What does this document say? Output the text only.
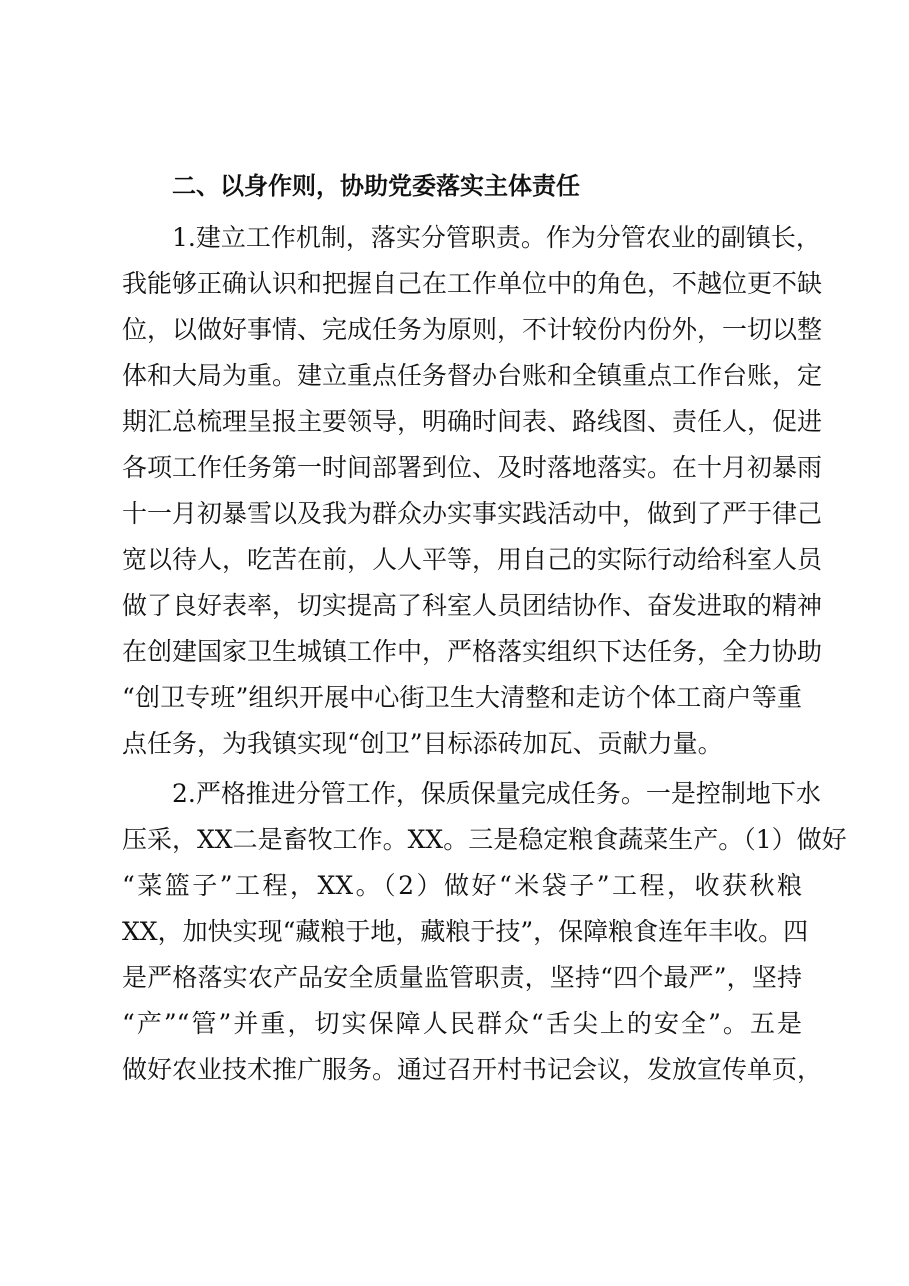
二、以身作则，协助党委落实主体责任
1.建立工作机制，落实分管职责。作为分管农业的副镇长，
我能够正确认识和把握自己在工作单位中的角色，不越位更不缺
位，以做好事情、完成任务为原则，不计较份内份外，一切以整
体和大局为重。建立重点任务督办台账和全镇重点工作台账，定
期汇总梳理呈报主要领导，明确时间表、路线图、责任人，促进
各项工作任务第一时间部署到位、及时落地落实。在十月初暴雨
十一月初暴雪以及我为群众办实事实践活动中，做到了严于律己
宽以待人，吃苦在前，人人平等，用自己的实际行动给科室人员
做了良好表率，切实提高了科室人员团结协作、奋发进取的精神
在创建国家卫生城镇工作中，严格落实组织下达任务，全力协助
“创卫专班”组织开展中心街卫生大清整和走访个体工商户等重
点任务，为我镇实现“创卫”目标添砖加瓦、贡献力量。
2.严格推进分管工作，保质保量完成任务。一是控制地下水
压采，XX二是畜牧工作。XX。三是稳定粮食蔬菜生产。（1）做好
“菜篮子”工程，XX。（2）做好“米袋子”工程，收获秋粮
XX，加快实现“藏粮于地，藏粮于技”，保障粮食连年丰收。四
是严格落实农产品安全质量监管职责，坚持“四个最严”，坚持
“产”“管”并重，切实保障人民群众“舌尖上的安全”。五是
做好农业技术推广服务。通过召开村书记会议，发放宣传单页，
